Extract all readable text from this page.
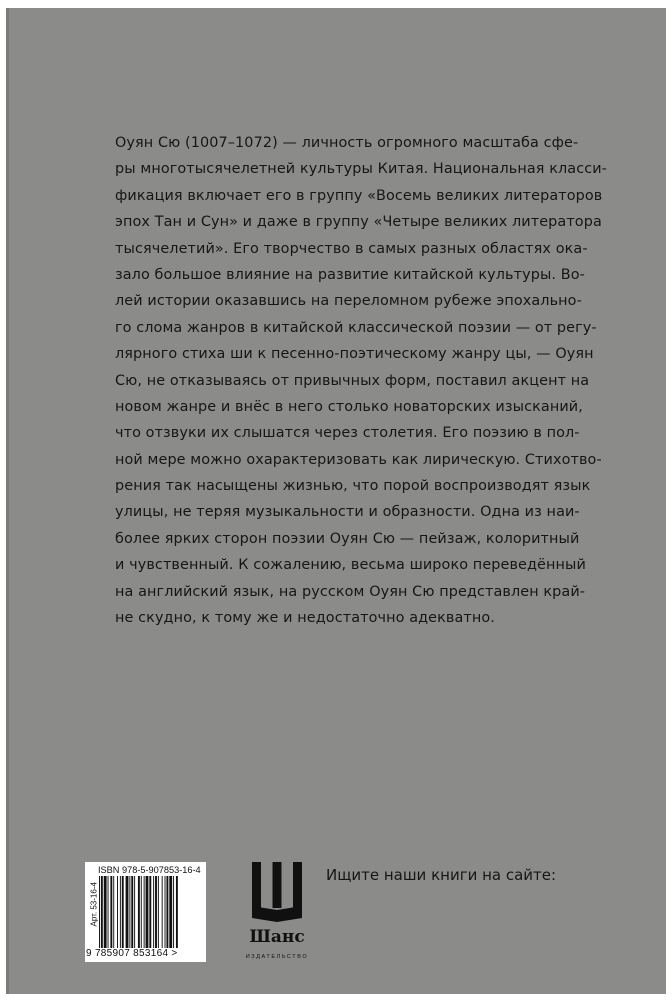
Оуян Сю (1007–1072) — личность огромного масштаба сфе-
ры многотысячелетней культуры Китая. Национальная класси-
фикация включает его в группу «Восемь великих литераторов
эпох Тан и Сун» и даже в группу «Четыре великих литератора
тысячелетий». Его творчество в самых разных областях ока-
зало большое влияние на развитие китайской культуры. Во-
лей истории оказавшись на переломном рубеже эпохально-
го слома жанров в китайской классической поэзии — от регу-
лярного стиха ши к песенно-поэтическому жанру цы, — Оуян
Сю, не отказываясь от привычных форм, поставил акцент на
новом жанре и внёс в него столько новаторских изысканий,
что отзвуки их слышатся через столетия. Его поэзию в пол-
ной мере можно охарактеризовать как лирическую. Стихотво-
рения так насыщены жизнью, что порой воспроизводят язык
улицы, не теряя музыкальности и образности. Одна из наи-
более ярких сторон поэзии Оуян Сю — пейзаж, колоритный
и чувственный. К сожалению, весьма широко переведённый
на английский язык, на русском Оуян Сю представлен край-
не скудно, к тому же и недостаточно адекватно.
ISBN 978-5-907853-16-4
Арт. 53-16-4
9 785907 853164 >
Шанс
ИЗДАТЕЛЬСТВО
Ищите наши книги на сайте:
